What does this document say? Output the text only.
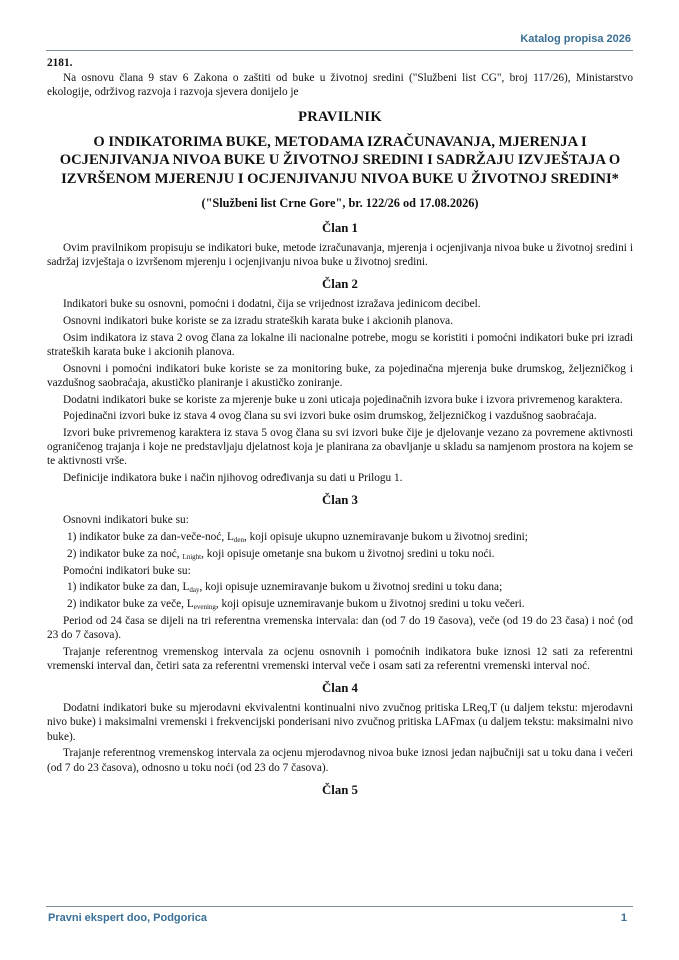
Katalog propisa 2026
2181.

Na osnovu člana 9 stav 6 Zakona o zaštiti od buke u životnoj sredini ("Službeni list CG", broj 117/26), Ministarstvo ekologije, održivog razvoja i razvoja sjevera donijelo je

PRAVILNIK
O INDIKATORIMA BUKE, METODAMA IZRAČUNAVANJA, MJERENJA I OCJENJIVANJA NIVOA BUKE U ŽIVOTNOJ SREDINI I SADRŽAJU IZVJEŠTAJA O IZVRŠENOM MJERENJU I OCJENJIVANJU NIVOA BUKE U ŽIVOTNOJ SREDINI*
("Službeni list Crne Gore", br. 122/26 od 17.08.2026)
Član 1

Ovim pravilnikom propisuju se indikatori buke, metode izračunavanja, mjerenja i ocjenjivanja nivoa buke u životnoj sredini i sadržaj izvještaja o izvršenom mjerenju i ocjenjivanju nivoa buke u životnoj sredini.

Član 2

Indikatori buke su osnovni, pomoćni i dodatni, čija se vrijednost izražava jedinicom decibel.

Osnovni indikatori buke koriste se za izradu strateških karata buke i akcionih planova.

Osim indikatora iz stava 2 ovog člana za lokalne ili nacionalne potrebe, mogu se koristiti i pomoćni indikatori buke pri izradi strateških karata buke i akcionih planova.

Osnovni i pomoćni indikatori buke koriste se za monitoring buke, za pojedinačna mjerenja buke drumskog, željezničkog i vazdušnog saobraćaja, akustičko planiranje i akustičko zoniranje.

Dodatni indikatori buke se koriste za mjerenje buke u zoni uticaja pojedinačnih izvora buke i izvora privremenog karaktera.

Pojedinačni izvori buke iz stava 4 ovog člana su svi izvori buke osim drumskog, željezničkog i vazdušnog saobraćaja.

Izvori buke privremenog karaktera iz stava 5 ovog člana su svi izvori buke čije je djelovanje vezano za povremene aktivnosti ograničenog trajanja i koje ne predstavljaju djelatnost koja je planirana za obavljanje u skladu sa namjenom prostora na kojem se te aktivnosti vrše.

Definicije indikatora buke i način njihovog određivanja su dati u Prilogu 1.

Član 3

Osnovni indikatori buke su:

1) indikator buke za dan-veče-noć, $L_{den}$, koji opisuje ukupno uznemiravanje bukom u životnoj sredini;

2) indikator buke za noć, $_{Lnight}$, koji opisuje ometanje sna bukom u životnoj sredini u toku noći.

Pomoćni indikatori buke su:

1) indikator buke za dan, $L_{day}$, koji opisuje uznemiravanje bukom u životnoj sredini u toku dana;

2) indikator buke za veče, $L_{evening}$, koji opisuje uznemiravanje bukom u životnoj sredini u toku večeri.

Period od 24 časa se dijeli na tri referentna vremenska intervala: dan (od 7 do 19 časova), veče (od 19 do 23 časa) i noć (od 23 do 7 časova).

Trajanje referentnog vremenskog intervala za ocjenu osnovnih i pomoćnih indikatora buke iznosi 12 sati za referentni vremenski interval dan, četiri sata za referentni vremenski interval veče i osam sati za referentni vremenski interval noć.

Član 4

Dodatni indikatori buke su mjerodavni ekvivalentni kontinualni nivo zvučnog pritiska LReq,T (u daljem tekstu: mjerodavni nivo buke) i maksimalni vremenski i frekvencijski ponderisani nivo zvučnog pritiska LAFmax (u daljem tekstu: maksimalni nivo buke).

Trajanje referentnog vremenskog intervala za ocjenu mjerodavnog nivoa buke iznosi jedan najbučniji sat u toku dana i večeri (od 7 do 23 časova), odnosno u toku noći (od 23 do 7 časova).

Član 5
Pravni ekspert doo, Podgorica	1
